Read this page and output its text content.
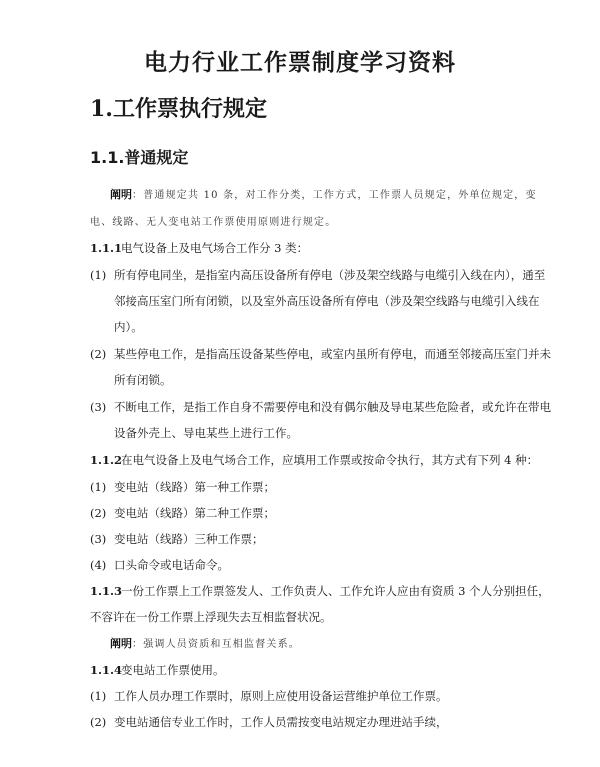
电力行业工作票制度学习资料
1.工作票执行规定
1.1.普通规定
阐明：普通规定共 10 条，对工作分类，工作方式，工作票人员规定，外单位规定，变
电、线路、无人变电站工作票使用原则进行规定。
1.1.1电气设备上及电气场合工作分 3 类：
(1) 所有停电同坐，是指室内高压设备所有停电（涉及架空线路与电缆引入线在内），通至
邻接高压室门所有闭锁，以及室外高压设备所有停电（涉及架空线路与电缆引入线在
内）。
(2) 某些停电工作，是指高压设备某些停电，或室内虽所有停电，而通至邻接高压室门并未
所有闭锁。
(3) 不断电工作，是指工作自身不需要停电和没有偶尔触及导电某些危险者，或允许在带电
设备外壳上、导电某些上进行工作。
1.1.2在电气设备上及电气场合工作，应填用工作票或按命令执行，其方式有下列 4 种：
(1) 变电站（线路）第一种工作票；
(2) 变电站（线路）第二种工作票；
(3) 变电站（线路）三种工作票；
(4) 口头命令或电话命令。
1.1.3一份工作票上工作票签发人、工作负责人、工作允许人应由有资质 3 个人分别担任，
不容许在一份工作票上浮现失去互相监督状况。
阐明：强调人员资质和互相监督关系。
1.1.4变电站工作票使用。
(1) 工作人员办理工作票时，原则上应使用设备运营维护单位工作票。
(2) 变电站通信专业工作时，工作人员需按变电站规定办理进站手续，
